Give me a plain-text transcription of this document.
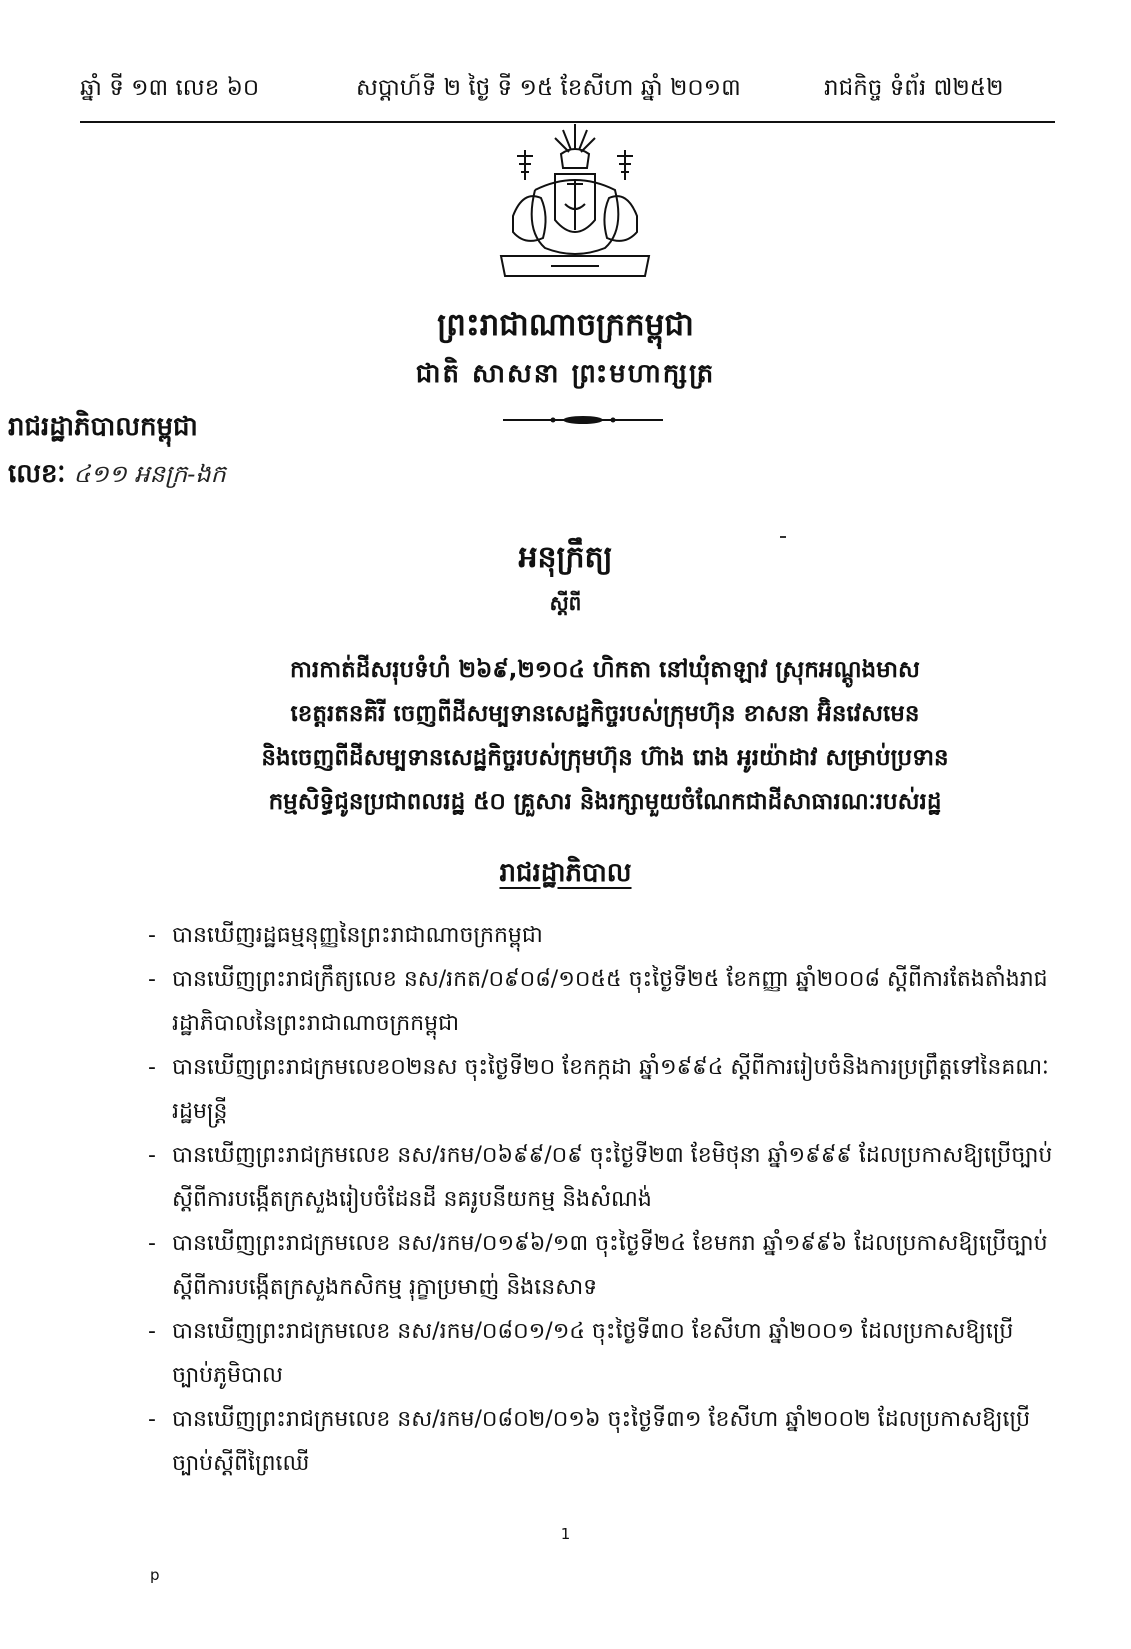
ឆ្នាំ ទី ១៣ លេខ ៦០	សប្តាហ៍ទី ២ ថ្ងៃ ទី ១៥ ខែសីហា ឆ្នាំ ២០១៣	រាជកិច្ច ទំព័រ ៧២៥២
ព្រះរាជាណាចក្រកម្ពុជា
ជាតិ សាសនា ព្រះមហាក្សត្រ
រាជរដ្ឋាភិបាលកម្ពុជា
លេខៈ ៤១១ អនក្រ-ងក
អនុក្រឹត្យ
ស្តីពី
ការកាត់ដីសរុបទំហំ ២៦៩,២១០៤ ហិកតា នៅឃុំតាឡាវ ស្រុកអណ្តូងមាស
ខេត្តរតនគិរី ចេញពីដីសម្បទានសេដ្ឋកិច្ចរបស់ក្រុមហ៊ុន ខាសនា អ៊ិនវេសមេន
និងចេញពីដីសម្បទានសេដ្ឋកិច្ចរបស់ក្រុមហ៊ុន ហ៊ាង រោង អូរយ៉ាដាវ សម្រាប់ប្រទាន
កម្មសិទ្ធិជូនប្រជាពលរដ្ឋ ៥០ គ្រួសារ និងរក្សាមួយចំណែកជាដីសាធារណៈរបស់រដ្ឋ
រាជរដ្ឋាភិបាល
- បានឃើញរដ្ឋធម្មនុញ្ញនៃព្រះរាជាណាចក្រកម្ពុជា
- បានឃើញព្រះរាជក្រឹត្យលេខ នស/រកត/០៩០៨/១០៥៥ ចុះថ្ងៃទី២៥ ខែកញ្ញា ឆ្នាំ២០០៨ ស្តីពីការតែងតាំងរាជរដ្ឋាភិបាលនៃព្រះរាជាណាចក្រកម្ពុជា
- បានឃើញព្រះរាជក្រមលេខ០២នស ចុះថ្ងៃទី២០ ខែកក្កដា ឆ្នាំ១៩៩៤ ស្តីពីការរៀបចំនិងការប្រព្រឹត្តទៅនៃគណៈរដ្ឋមន្ត្រី
- បានឃើញព្រះរាជក្រមលេខ នស/រកម/០៦៩៩/០៩ ចុះថ្ងៃទី២៣ ខែមិថុនា ឆ្នាំ១៩៩៩ ដែលប្រកាសឱ្យប្រើច្បាប់ស្តីពីការបង្កើតក្រសួងរៀបចំដែនដី នគរូបនីយកម្ម និងសំណង់
- បានឃើញព្រះរាជក្រមលេខ នស/រកម/០១៩៦/១៣ ចុះថ្ងៃទី២៤ ខែមករា ឆ្នាំ១៩៩៦ ដែលប្រកាសឱ្យប្រើច្បាប់ ស្តីពីការបង្កើតក្រសួងកសិកម្ម រុក្ខាប្រមាញ់ និងនេសាទ
- បានឃើញព្រះរាជក្រមលេខ នស/រកម/០៨០១/១៤ ចុះថ្ងៃទី៣០ ខែសីហា ឆ្នាំ២០០១ ដែលប្រកាសឱ្យប្រើច្បាប់ភូមិបាល
- បានឃើញព្រះរាជក្រមលេខ នស/រកម/០៨០២/០១៦ ចុះថ្ងៃទី៣១ ខែសីហា ឆ្នាំ២០០២ ដែលប្រកាសឱ្យប្រើច្បាប់ស្តីពីព្រៃឈើ
1
p
